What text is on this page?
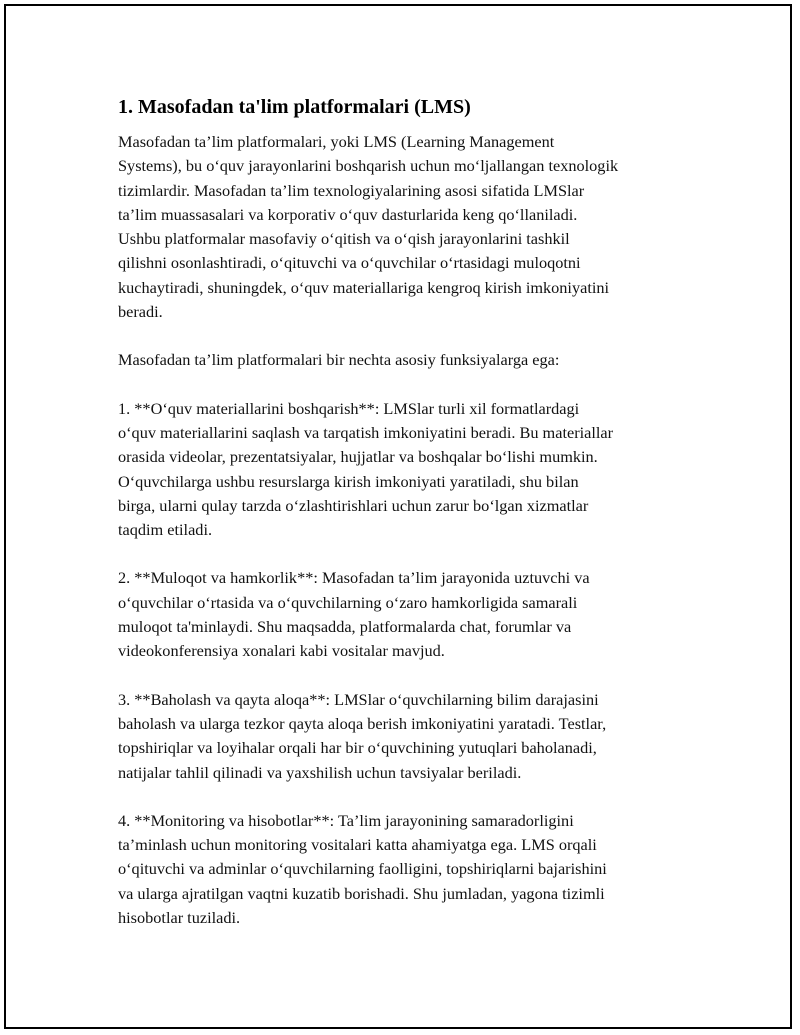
1. Masofadan ta'lim platformalari (LMS)

Masofadan ta’lim platformalari, yoki LMS (Learning Management
Systems), bu o‘quv jarayonlarini boshqarish uchun mo‘ljallangan texnologik
tizimlardir. Masofadan ta’lim texnologiyalarining asosi sifatida LMSlar
ta’lim muassasalari va korporativ o‘quv dasturlarida keng qo‘llaniladi.
Ushbu platformalar masofaviy o‘qitish va o‘qish jarayonlarini tashkil
qilishni osonlashtiradi, o‘qituvchi va o‘quvchilar o‘rtasidagi muloqotni
kuchaytiradi, shuningdek, o‘quv materiallariga kengroq kirish imkoniyatini
beradi.

Masofadan ta’lim platformalari bir nechta asosiy funksiyalarga ega:

1. **O‘quv materiallarini boshqarish**: LMSlar turli xil formatlardagi
o‘quv materiallarini saqlash va tarqatish imkoniyatini beradi. Bu materiallar
orasida videolar, prezentatsiyalar, hujjatlar va boshqalar bo‘lishi mumkin.
O‘quvchilarga ushbu resurslarga kirish imkoniyati yaratiladi, shu bilan
birga, ularni qulay tarzda o‘zlashtirishlari uchun zarur bo‘lgan xizmatlar
taqdim etiladi.

2. **Muloqot va hamkorlik**: Masofadan ta’lim jarayonida uztuvchi va
o‘quvchilar o‘rtasida va o‘quvchilarning o‘zaro hamkorligida samarali
muloqot ta'minlaydi. Shu maqsadda, platformalarda chat, forumlar va
videokonferensiya xonalari kabi vositalar mavjud.

3. **Baholash va qayta aloqa**: LMSlar o‘quvchilarning bilim darajasini
baholash va ularga tezkor qayta aloqa berish imkoniyatini yaratadi. Testlar,
topshiriqlar va loyihalar orqali har bir o‘quvchining yutuqlari baholanadi,
natijalar tahlil qilinadi va yaxshilish uchun tavsiyalar beriladi.

4. **Monitoring va hisobotlar**: Ta’lim jarayonining samaradorligini
ta’minlash uchun monitoring vositalari katta ahamiyatga ega. LMS orqali
o‘qituvchi va adminlar o‘quvchilarning faolligini, topshiriqlarni bajarishini
va ularga ajratilgan vaqtni kuzatib borishadi. Shu jumladan, yagona tizimli
hisobotlar tuziladi.
